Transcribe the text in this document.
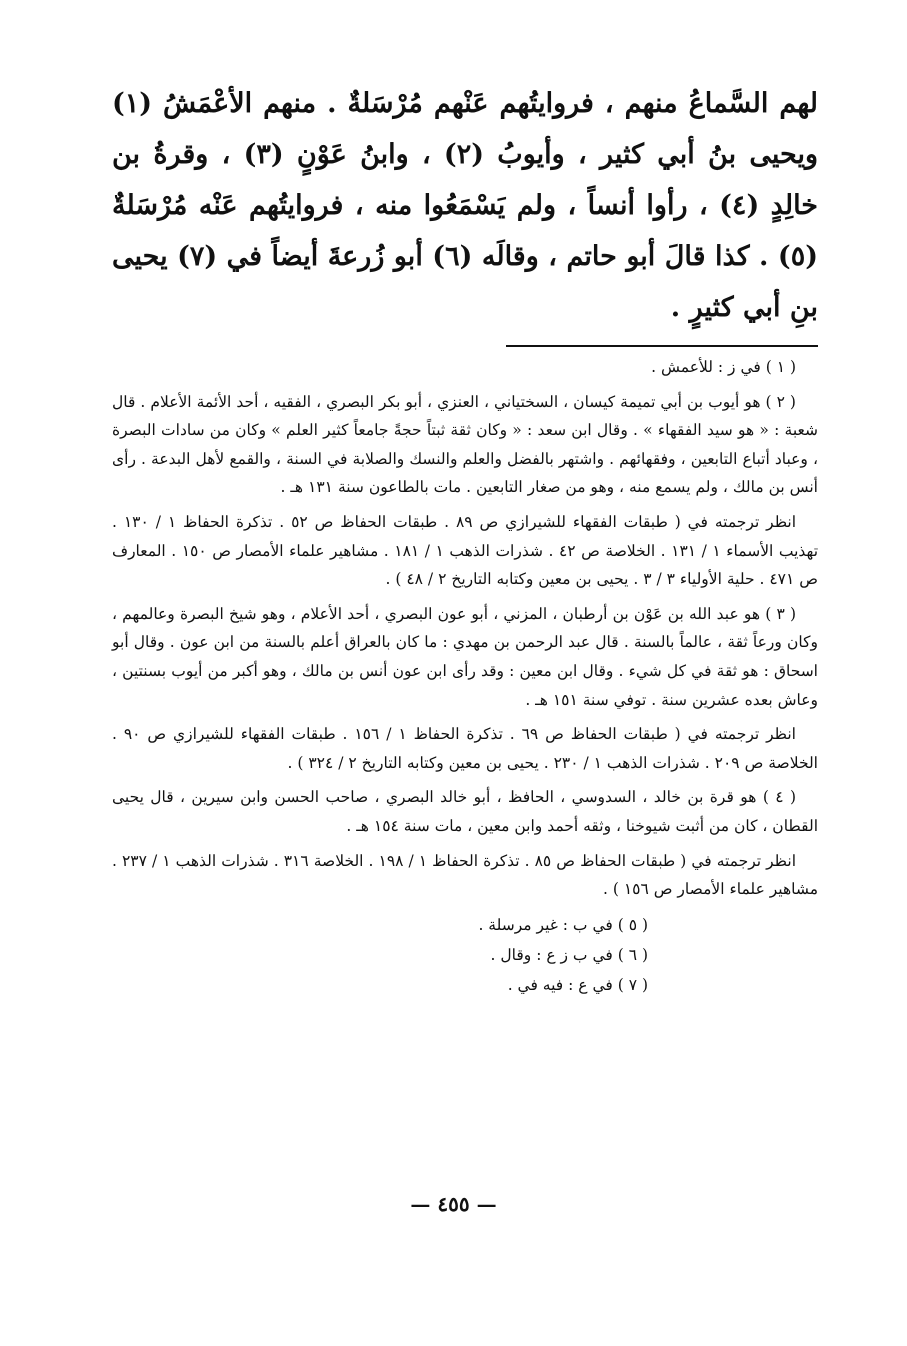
لهم السَّماعُ منهم ، فروايتُهم عَنْهم مُرْسَلةٌ . منهم الأعْمَشُ (١) ويحيى بنُ أبي كثير ، وأيوبُ (٢) ، وابنُ عَوْنٍ (٣) ، وقرةُ بن خالِدٍ (٤) ، رأوا أنساً ، ولم يَسْمَعُوا منه ، فروايتُهم عَنْه مُرْسَلةٌ (٥) . كذا قالَ أبو حاتم ، وقالَه (٦) أبو زُرعةَ أيضاً في (٧) يحيى بنِ أبي كثيرٍ .

( ١ ) في ز : للأعمش .

( ٢ ) هو أيوب بن أبي تميمة كيسان ، السختياني ، العنزي ، أبو بكر البصري ، الفقيه ، أحد الأئمة الأعلام . قال شعبة : « هو سيد الفقهاء » . وقال ابن سعد : « وكان ثقة ثبتاً حجةً جامعاً كثير العلم » وكان من سادات البصرة ، وعباد أتباع التابعين ، وفقهائهم . واشتهر بالفضل والعلم والنسك والصلابة في السنة ، والقمع لأهل البدعة . رأى أنس بن مالك ، ولم يسمع منه ، وهو من صغار التابعين . مات بالطاعون سنة ١٣١ هـ .

انظر ترجمته في ( طبقات الفقهاء للشيرازي ص ٨٩ . طبقات الحفاظ ص ٥٢ . تذكرة الحفاظ ١ / ١٣٠ . تهذيب الأسماء ١ / ١٣١ . الخلاصة ص ٤٢ . شذرات الذهب ١ / ١٨١ . مشاهير علماء الأمصار ص ١٥٠ . المعارف ص ٤٧١ . حلية الأولياء ٣ / ٣ . يحيى بن معين وكتابه التاريخ ٢ / ٤٨ ) .

( ٣ ) هو عبد الله بن عَوْن بن أرطبان ، المزني ، أبو عون البصري ، أحد الأعلام ، وهو شيخ البصرة وعالمهم ، وكان ورعاً ثقة ، عالماً بالسنة . قال عبد الرحمن بن مهدي : ما كان بالعراق أعلم بالسنة من ابن عون . وقال أبو اسحاق : هو ثقة في كل شيء . وقال ابن معين : وقد رأى ابن عون أنس بن مالك ، وهو أكبر من أيوب بسنتين ، وعاش بعده عشرين سنة . توفي سنة ١٥١ هـ .

انظر ترجمته في ( طبقات الحفاظ ص ٦٩ . تذكرة الحفاظ ١ / ١٥٦ . طبقات الفقهاء للشيرازي ص ٩٠ . الخلاصة ص ٢٠٩ . شذرات الذهب ١ / ٢٣٠ . يحيى بن معين وكتابه التاريخ ٢ / ٣٢٤ ) .

( ٤ ) هو قرة بن خالد ، السدوسي ، الحافظ ، أبو خالد البصري ، صاحب الحسن وابن سيرين ، قال يحيى القطان ، كان من أثبت شيوخنا ، وثقه أحمد وابن معين ، مات سنة ١٥٤ هـ .

انظر ترجمته في ( طبقات الحفاظ ص ٨٥ . تذكرة الحفاظ ١ / ١٩٨ . الخلاصة ٣١٦ . شذرات الذهب ١ / ٢٣٧ . مشاهير علماء الأمصار ص ١٥٦ ) .

( ٥ ) في ب : غير مرسلة .

( ٦ ) في ب ز ع : وقال .

( ٧ ) في ع : فيه في .

— ٤٥٥ —
